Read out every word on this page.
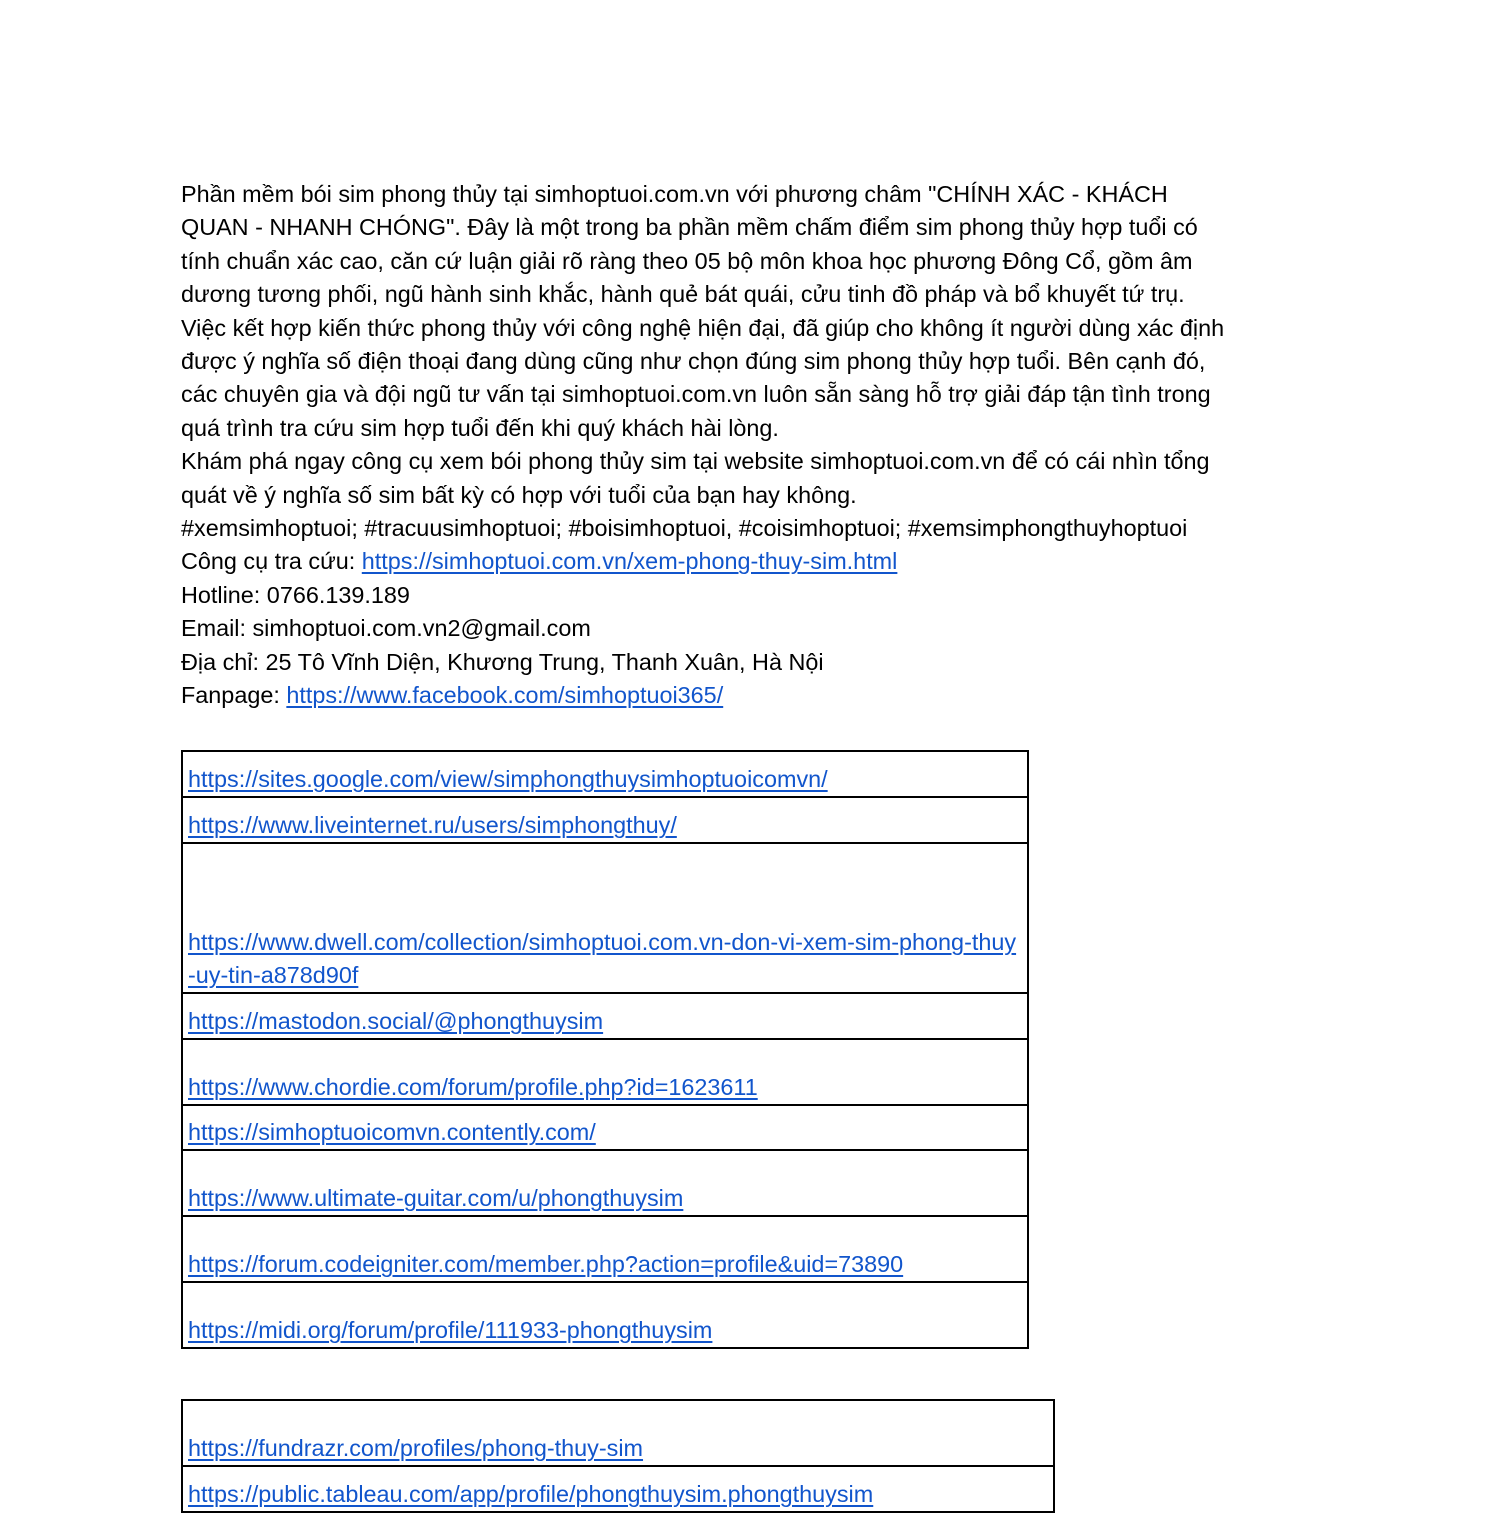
Phần mềm bói sim phong thủy tại simhoptuoi.com.vn với phương châm "CHÍNH XÁC - KHÁCH
QUAN - NHANH CHÓNG". Đây là một trong ba phần mềm chấm điểm sim phong thủy hợp tuổi có
tính chuẩn xác cao, căn cứ luận giải rõ ràng theo 05 bộ môn khoa học phương Đông Cổ, gồm âm
dương tương phối, ngũ hành sinh khắc, hành quẻ bát quái, cửu tinh đồ pháp và bổ khuyết tứ trụ.
Việc kết hợp kiến thức phong thủy với công nghệ hiện đại, đã giúp cho không ít người dùng xác định
được ý nghĩa số điện thoại đang dùng cũng như chọn đúng sim phong thủy hợp tuổi. Bên cạnh đó,
các chuyên gia và đội ngũ tư vấn tại simhoptuoi.com.vn luôn sẵn sàng hỗ trợ giải đáp tận tình trong
quá trình tra cứu sim hợp tuổi đến khi quý khách hài lòng.
Khám phá ngay công cụ xem bói phong thủy sim tại website simhoptuoi.com.vn để có cái nhìn tổng
quát về ý nghĩa số sim bất kỳ có hợp với tuổi của bạn hay không.
#xemsimhoptuoi; #tracuusimhoptuoi; #boisimhoptuoi, #coisimhoptuoi; #xemsimphongthuyhoptuoi
Công cụ tra cứu: https://simhoptuoi.com.vn/xem-phong-thuy-sim.html
Hotline: 0766.139.189
Email: simhoptuoi.com.vn2@gmail.com
Địa chỉ: 25 Tô Vĩnh Diện, Khương Trung, Thanh Xuân, Hà Nội
Fanpage: https://www.facebook.com/simhoptuoi365/

https://sites.google.com/view/simphongthuysimhoptuoicomvn/
https://www.liveinternet.ru/users/simphongthuy/
https://www.dwell.com/collection/simhoptuoi.com.vn-don-vi-xem-sim-phong-thuy-uy-tin-a878d90f
https://mastodon.social/@phongthuysim
https://www.chordie.com/forum/profile.php?id=1623611
https://simhoptuoicomvn.contently.com/
https://www.ultimate-guitar.com/u/phongthuysim
https://forum.codeigniter.com/member.php?action=profile&uid=73890
https://midi.org/forum/profile/111933-phongthuysim
https://fundrazr.com/profiles/phong-thuy-sim
https://public.tableau.com/app/profile/phongthuysim.phongthuysim
